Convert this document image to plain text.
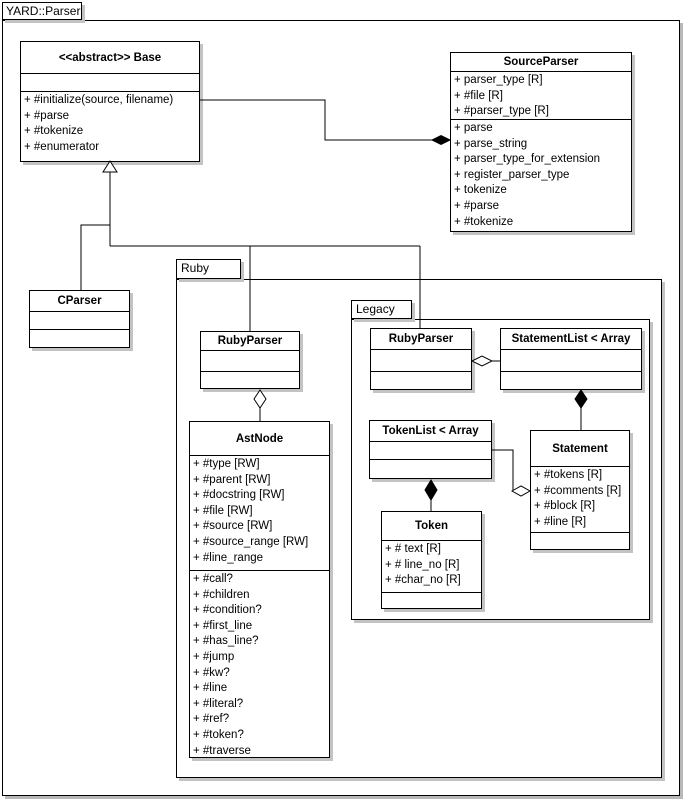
YARD::Parser
Ruby
Legacy
<<abstract>> Base
+ #initialize(source, filename)
+ #parse
+ #tokenize
+ #enumerator
SourceParser
+ parser_type [R]
+ #file [R]
+ #parser_type [R]
+ parse
+ parse_string
+ parser_type_for_extension
+ register_parser_type
+ tokenize
+ #parse
+ #tokenize
CParser
RubyParser
AstNode
+ #type [RW]
+ #parent [RW]
+ #docstring [RW]
+ #file [RW]
+ #source [RW]
+ #source_range [RW]
+ #line_range
+ #call?
+ #children
+ #condition?
+ #first_line
+ #has_line?
+ #jump
+ #kw?
+ #line
+ #literal?
+ #ref?
+ #token?
+ #traverse
RubyParser	StatementList < Array
TokenList < Array
Statement
+ #tokens [R]
+ #comments [R]
+ #block [R]
+ #line [R]
Token
+ # text [R]
+ # line_no [R]
+ #char_no [R]
